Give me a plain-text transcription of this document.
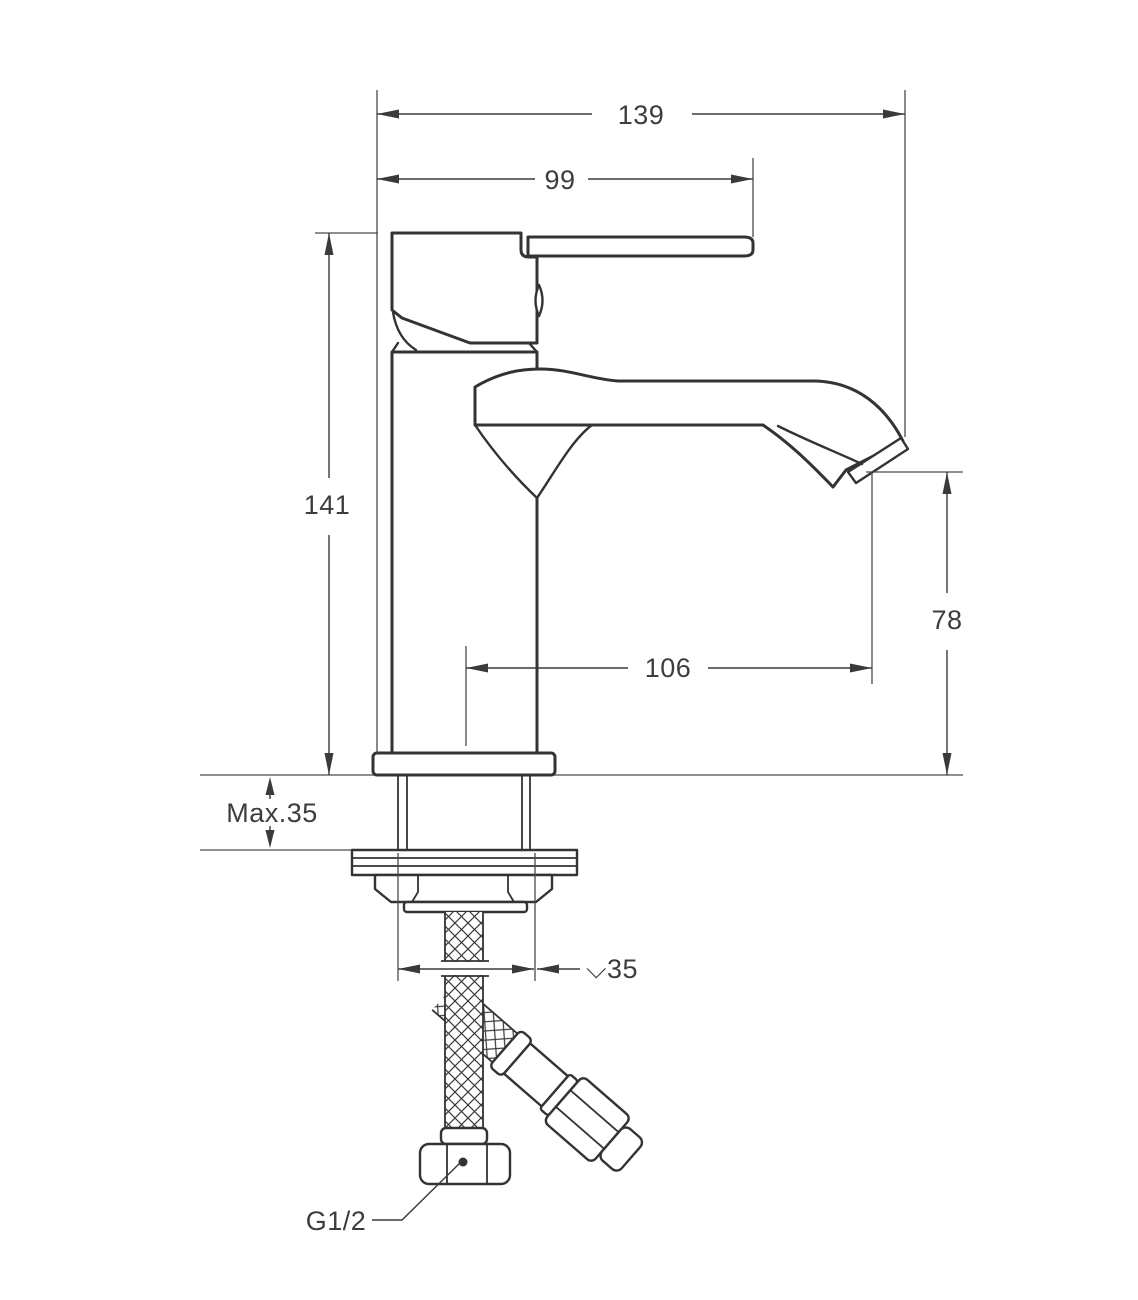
139
99
141
78
106
Max.35
⌵35
G1/2
